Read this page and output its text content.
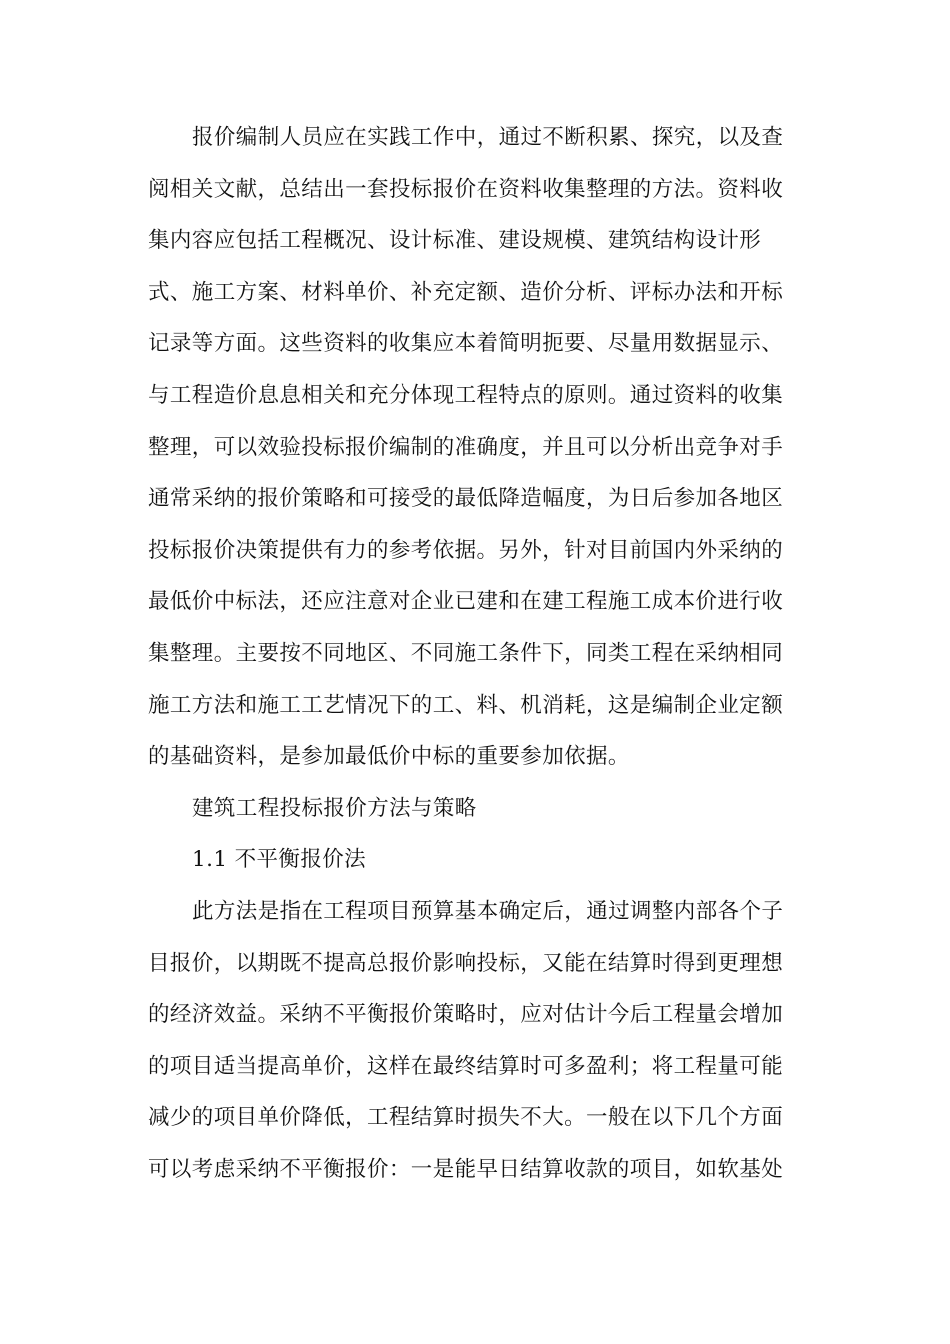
报价编制人员应在实践工作中，通过不断积累、探究，以及查
阅相关文献，总结出一套投标报价在资料收集整理的方法。资料收
集内容应包括工程概况、设计标准、建设规模、建筑结构设计形
式、施工方案、材料单价、补充定额、造价分析、评标办法和开标
记录等方面。这些资料的收集应本着简明扼要、尽量用数据显示、
与工程造价息息相关和充分体现工程特点的原则。通过资料的收集
整理，可以效验投标报价编制的准确度，并且可以分析出竞争对手
通常采纳的报价策略和可接受的最低降造幅度，为日后参加各地区
投标报价决策提供有力的参考依据。另外，针对目前国内外采纳的
最低价中标法，还应注意对企业已建和在建工程施工成本价进行收
集整理。主要按不同地区、不同施工条件下，同类工程在采纳相同
施工方法和施工工艺情况下的工、料、机消耗，这是编制企业定额
的基础资料，是参加最低价中标的重要参加依据。
建筑工程投标报价方法与策略
1.1 不平衡报价法
此方法是指在工程项目预算基本确定后，通过调整内部各个子
目报价，以期既不提高总报价影响投标，又能在结算时得到更理想
的经济效益。采纳不平衡报价策略时，应对估计今后工程量会增加
的项目适当提高单价，这样在最终结算时可多盈利；将工程量可能
减少的项目单价降低，工程结算时损失不大。一般在以下几个方面
可以考虑采纳不平衡报价：一是能早日结算收款的项目，如软基处
